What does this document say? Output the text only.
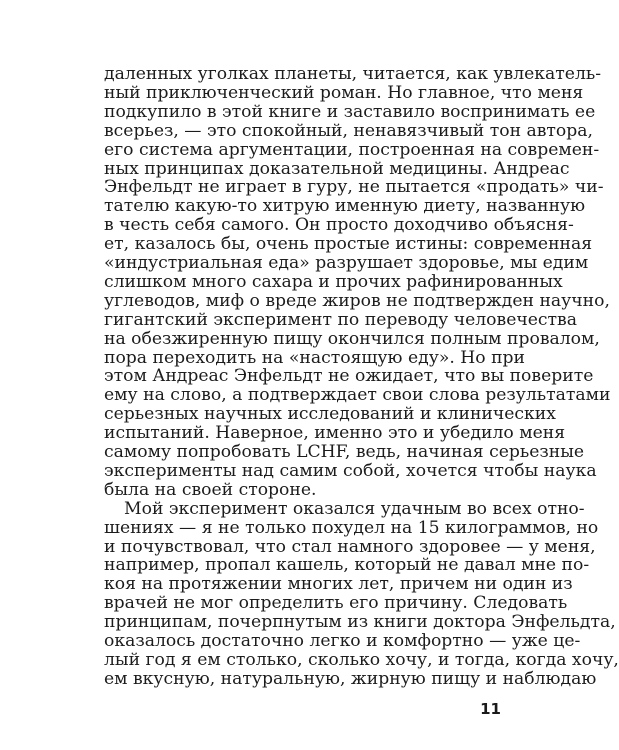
даленных уголках планеты, читается, как увлекатель-
ный приключенческий роман. Но главное, что меня
подкупило в этой книге и заставило воспринимать ее
всерьез, — это спокойный, ненавязчивый тон автора,
его система аргументации, построенная на современ-
ных принципах доказательной медицины. Андреас
Энфельдт не играет в гуру, не пытается «продать» чи-
тателю какую-то хитрую именную диету, названную
в честь себя самого. Он просто доходчиво объясня-
ет, казалось бы, очень простые истины: современная
«индустриальная еда» разрушает здоровье, мы едим
слишком много сахара и прочих рафинированных
углеводов, миф о вреде жиров не подтвержден научно,
гигантский эксперимент по переводу человечества
на обезжиренную пищу окончился полным провалом,
пора переходить на «настоящую еду». Но при
этом Андреас Энфельдт не ожидает, что вы поверите
ему на слово, а подтверждает свои слова результатами
серьезных научных исследований и клинических
испытаний. Наверное, именно это и убедило меня
самому попробовать LCHF, ведь, начиная серьезные
эксперименты над самим собой, хочется чтобы наука
была на своей стороне.
Мой эксперимент оказался удачным во всех отно-
шениях — я не только похудел на 15 килограммов, но
и почувствовал, что стал намного здоровее — у меня,
например, пропал кашель, который не давал мне по-
коя на протяжении многих лет, причем ни один из
врачей не мог определить его причину. Следовать
принципам, почерпнутым из книги доктора Энфельдта,
оказалось достаточно легко и комфортно — уже це-
лый год я ем столько, сколько хочу, и тогда, когда хочу,
ем вкусную, натуральную, жирную пищу и наблюдаю
11
